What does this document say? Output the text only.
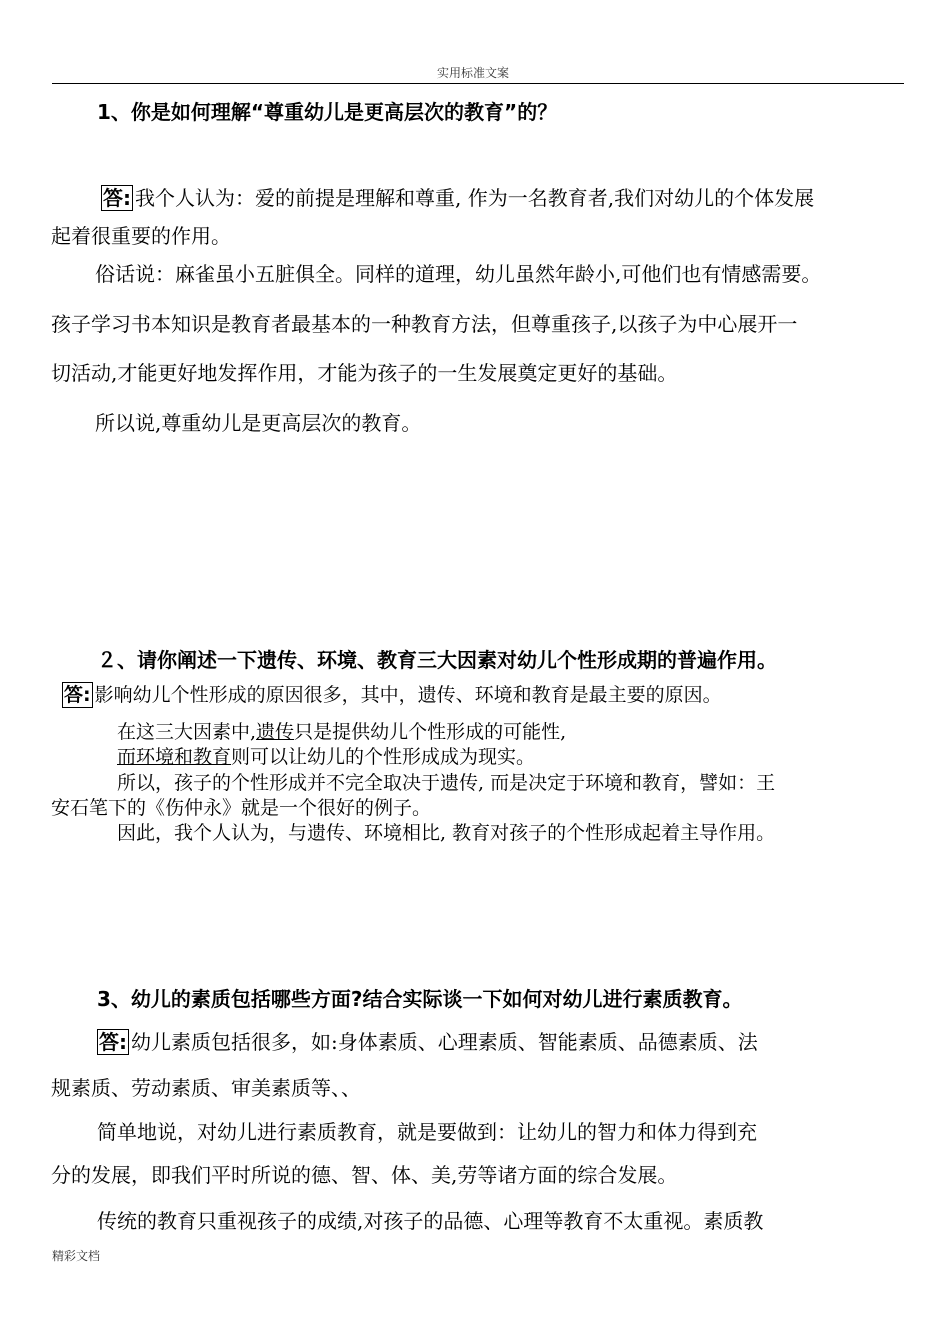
实用标准文案
1、你是如何理解“尊重幼儿是更高层次的教育”的？
答: 我个人认为：爱的前提是理解和尊重, 作为一名教育者,我们对幼儿的个体发展
起着很重要的作用。
俗话说：麻雀虽小五脏俱全。同样的道理，幼儿虽然年龄小,可他们也有情感需要。
孩子学习书本知识是教育者最基本的一种教育方法，但尊重孩子,以孩子为中心展开一
切活动,才能更好地发挥作用，才能为孩子的一生发展奠定更好的基础。
所以说,尊重幼儿是更高层次的教育。
２、请你阐述一下遗传、环境、教育三大因素对幼儿个性形成期的普遍作用。
答: 影响幼儿个性形成的原因很多，其中，遗传、环境和教育是最主要的原因。
在这三大因素中,遗传只是提供幼儿个性形成的可能性,
而环境和教育则可以让幼儿的个性形成成为现实。
所以，孩子的个性形成并不完全取决于遗传, 而是决定于环境和教育，譬如：王
安石笔下的《伤仲永》就是一个很好的例子。
因此，我个人认为，与遗传、环境相比, 教育对孩子的个性形成起着主导作用。
3、幼儿的素质包括哪些方面?结合实际谈一下如何对幼儿进行素质教育。
答: 幼儿素质包括很多，如:身体素质、心理素质、智能素质、品德素质、法
规素质、劳动素质、审美素质等、、
简单地说，对幼儿进行素质教育，就是要做到：让幼儿的智力和体力得到充
分的发展，即我们平时所说的德、智、体、美,劳等诸方面的综合发展。
传统的教育只重视孩子的成绩,对孩子的品德、心理等教育不太重视。素质教
精彩文档
